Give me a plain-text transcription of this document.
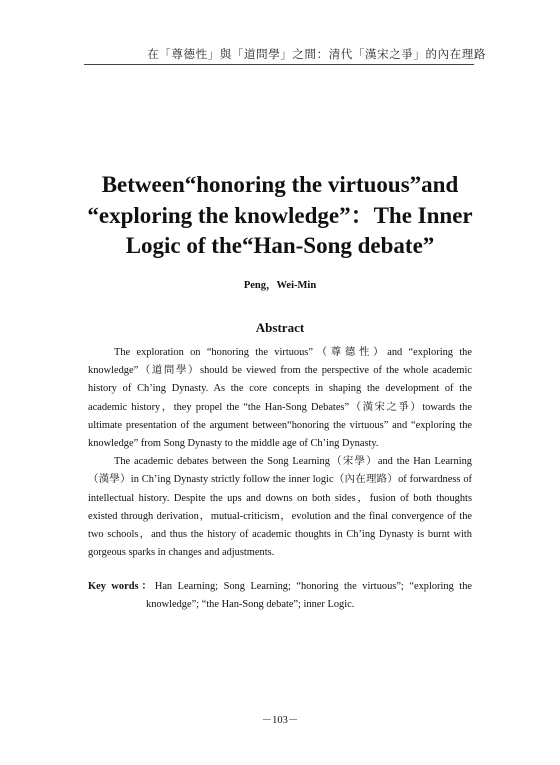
在「尊德性」與「道問學」之間：清代「漢宋之爭」的內在理路
Between“honoring the virtuous”and
“exploring the knowledge”：The Inner
Logic of the“Han-Song debate”
Peng，Wei-Min
Abstract

The exploration on “honoring the virtuous”（尊德性）and “exploring the knowledge”（道問學）should be viewed from the perspective of the whole academic history of Ch’ing Dynasty. As the core concepts in shaping the development of the academic history，they propel the “the Han-Song Debates”（漢宋之爭）towards the ultimate presentation of the argument between“honoring the virtuous” and “exploring the knowledge” from Song Dynasty to the middle age of Ch’ing Dynasty.

The academic debates between the Song Learning（宋學）and the Han Learning（漢學）in Ch’ing Dynasty strictly follow the inner logic（內在理路）of forwardness of intellectual history. Despite the ups and downs on both sides，fusion of both thoughts existed through derivation，mutual-criticism，evolution and the final convergence of the two schools，and thus the history of academic thoughts in Ch’ing Dynasty is burnt with gorgeous sparks in changes and adjustments.

Key words：Han Learning; Song Learning; “honoring the virtuous”; “exploring the knowledge”; “the Han-Song debate”; inner Logic.
－103－
